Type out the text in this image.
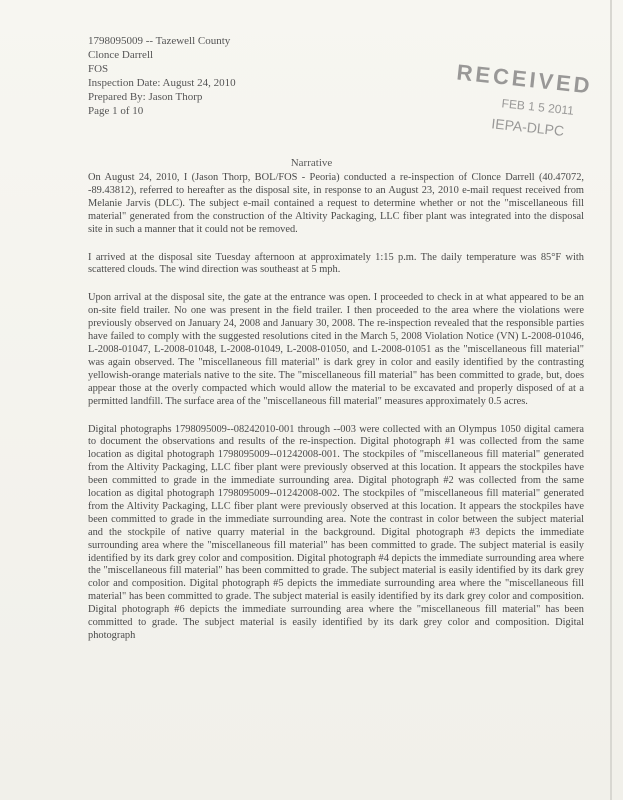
1798095009 -- Tazewell County
Clonce Darrell
FOS
Inspection Date: August 24, 2010
Prepared By: Jason Thorp
Page 1 of 10
RECEIVED
FEB 1 5 2011
IEPA-DLPC
Narrative

On August 24, 2010, I (Jason Thorp, BOL/FOS - Peoria) conducted a re-inspection of Clonce Darrell (40.47072, -89.43812), referred to hereafter as the disposal site, in response to an August 23, 2010 e-mail request received from Melanie Jarvis (DLC). The subject e-mail contained a request to determine whether or not the "miscellaneous fill material" generated from the construction of the Altivity Packaging, LLC fiber plant was integrated into the disposal site in such a manner that it could not be removed.

I arrived at the disposal site Tuesday afternoon at approximately 1:15 p.m. The daily temperature was 85°F with scattered clouds. The wind direction was southeast at 5 mph.

Upon arrival at the disposal site, the gate at the entrance was open. I proceeded to check in at what appeared to be an on-site field trailer. No one was present in the field trailer. I then proceeded to the area where the violations were previously observed on January 24, 2008 and January 30, 2008. The re-inspection revealed that the responsible parties have failed to comply with the suggested resolutions cited in the March 5, 2008 Violation Notice (VN) L-2008-01046, L-2008-01047, L-2008-01048, L-2008-01049, L-2008-01050, and L-2008-01051 as the "miscellaneous fill material" was again observed. The "miscellaneous fill material" is dark grey in color and easily identified by the contrasting yellowish-orange materials native to the site. The "miscellaneous fill material" has been committed to grade, but, does appear those at the overly compacted which would allow the material to be excavated and properly disposed of at a permitted landfill. The surface area of the "miscellaneous fill material" measures approximately 0.5 acres.

Digital photographs 1798095009--08242010-001 through --003 were collected with an Olympus 1050 digital camera to document the observations and results of the re-inspection. Digital photograph #1 was collected from the same location as digital photograph 1798095009--01242008-001. The stockpiles of "miscellaneous fill material" generated from the Altivity Packaging, LLC fiber plant were previously observed at this location. It appears the stockpiles have been committed to grade in the immediate surrounding area. Digital photograph #2 was collected from the same location as digital photograph 1798095009--01242008-002. The stockpiles of "miscellaneous fill material" generated from the Altivity Packaging, LLC fiber plant were previously observed at this location. It appears the stockpiles have been committed to grade in the immediate surrounding area. Note the contrast in color between the subject material and the stockpile of native quarry material in the background. Digital photograph #3 depicts the immediate surrounding area where the "miscellaneous fill material" has been committed to grade. The subject material is easily identified by its dark grey color and composition. Digital photograph #4 depicts the immediate surrounding area where the "miscellaneous fill material" has been committed to grade. The subject material is easily identified by its dark grey color and composition. Digital photograph #5 depicts the immediate surrounding area where the "miscellaneous fill material" has been committed to grade. The subject material is easily identified by its dark grey color and composition. Digital photograph #6 depicts the immediate surrounding area where the "miscellaneous fill material" has been committed to grade. The subject material is easily identified by its dark grey color and composition. Digital photograph
